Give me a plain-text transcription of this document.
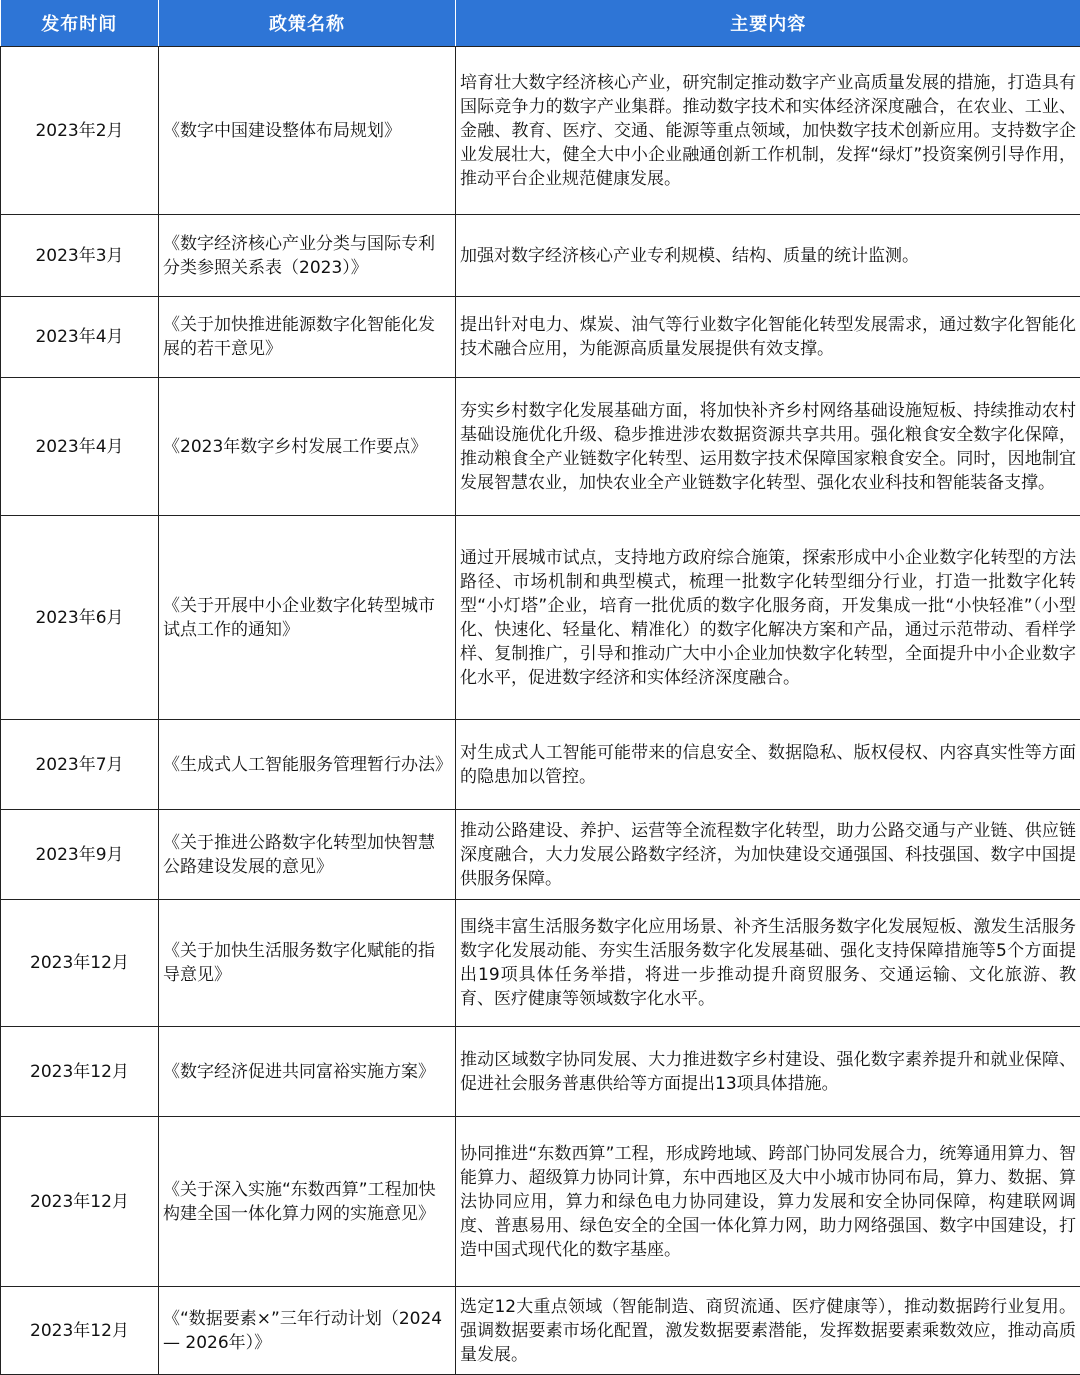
发布时间	政策名称	主要内容
2023年2月	《数字中国建设整体布局规划》	培育壮大数字经济核心产业，研究制定推动数字产业高质量发展的措施，打造具有国际竞争力的数字产业集群。推动数字技术和实体经济深度融合，在农业、工业、金融、教育、医疗、交通、能源等重点领域，加快数字技术创新应用。支持数字企业发展壮大，健全大中小企业融通创新工作机制，发挥“绿灯”投资案例引导作用，推动平台企业规范健康发展。
2023年3月	《数字经济核心产业分类与国际专利分类参照关系表（2023）》	加强对数字经济核心产业专利规模、结构、质量的统计监测。
2023年4月	《关于加快推进能源数字化智能化发展的若干意见》	提出针对电力、煤炭、油气等行业数字化智能化转型发展需求，通过数字化智能化技术融合应用，为能源高质量发展提供有效支撑。
2023年4月	《2023年数字乡村发展工作要点》	夯实乡村数字化发展基础方面，将加快补齐乡村网络基础设施短板、持续推动农村基础设施优化升级、稳步推进涉农数据资源共享共用。强化粮食安全数字化保障，推动粮食全产业链数字化转型、运用数字技术保障国家粮食安全。同时，因地制宜发展智慧农业，加快农业全产业链数字化转型、强化农业科技和智能装备支撑。
2023年6月	《关于开展中小企业数字化转型城市试点工作的通知》	通过开展城市试点，支持地方政府综合施策，探索形成中小企业数字化转型的方法路径、市场机制和典型模式，梳理一批数字化转型细分行业，打造一批数字化转型“小灯塔”企业，培育一批优质的数字化服务商，开发集成一批“小快轻准”（小型化、快速化、轻量化、精准化）的数字化解决方案和产品，通过示范带动、看样学样、复制推广，引导和推动广大中小企业加快数字化转型，全面提升中小企业数字化水平，促进数字经济和实体经济深度融合。
2023年7月	《生成式人工智能服务管理暂行办法》	对生成式人工智能可能带来的信息安全、数据隐私、版权侵权、内容真实性等方面的隐患加以管控。
2023年9月	《关于推进公路数字化转型加快智慧公路建设发展的意见》	推动公路建设、养护、运营等全流程数字化转型，助力公路交通与产业链、供应链深度融合，大力发展公路数字经济，为加快建设交通强国、科技强国、数字中国提供服务保障。
2023年12月	《关于加快生活服务数字化赋能的指导意见》	围绕丰富生活服务数字化应用场景、补齐生活服务数字化发展短板、激发生活服务数字化发展动能、夯实生活服务数字化发展基础、强化支持保障措施等5个方面提出19项具体任务举措，将进一步推动提升商贸服务、交通运输、文化旅游、教育、医疗健康等领域数字化水平。
2023年12月	《数字经济促进共同富裕实施方案》	推动区域数字协同发展、大力推进数字乡村建设、强化数字素养提升和就业保障、促进社会服务普惠供给等方面提出13项具体措施。
2023年12月	《关于深入实施“东数西算”工程加快构建全国一体化算力网的实施意见》	协同推进“东数西算”工程，形成跨地域、跨部门协同发展合力，统筹通用算力、智能算力、超级算力协同计算，东中西地区及大中小城市协同布局，算力、数据、算法协同应用，算力和绿色电力协同建设，算力发展和安全协同保障，构建联网调度、普惠易用、绿色安全的全国一体化算力网，助力网络强国、数字中国建设，打造中国式现代化的数字基座。
2023年12月	《“数据要素×”三年行动计划（2024— 2026年）》	选定12大重点领域（智能制造、商贸流通、医疗健康等），推动数据跨行业复用。强调数据要素市场化配置，激发数据要素潜能，发挥数据要素乘数效应，推动高质量发展。
